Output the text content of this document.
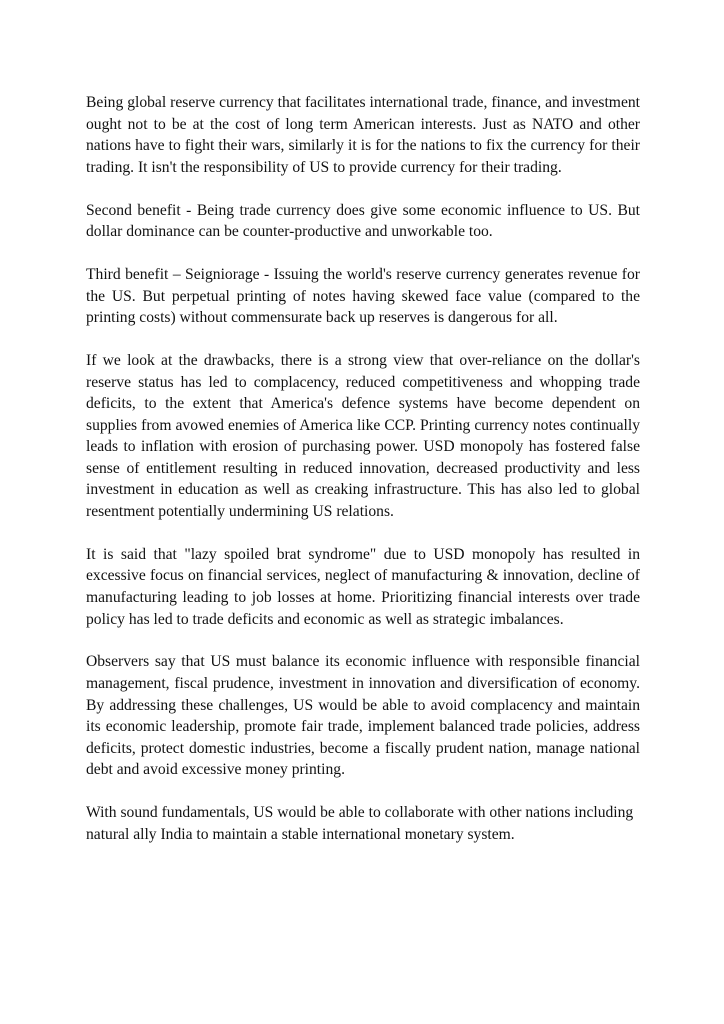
Being global reserve currency that facilitates international trade, finance, and investment ought not to be at the cost of long term American interests. Just as NATO and other nations have to fight their wars, similarly it is for the nations to fix the currency for their trading. It isn't the responsibility of US to provide currency for their trading.

Second benefit - Being trade currency does give some economic influence to US. But dollar dominance can be counter-productive and unworkable too.

Third benefit – Seigniorage - Issuing the world's reserve currency generates revenue for the US. But perpetual printing of notes having skewed face value (compared to the printing costs) without commensurate back up reserves is dangerous for all.

If we look at the drawbacks, there is a strong view that over-reliance on the dollar's reserve status has led to complacency, reduced competitiveness and whopping trade deficits, to the extent that America's defence systems have become dependent on supplies from avowed enemies of America like CCP. Printing currency notes continually leads to inflation with erosion of purchasing power. USD monopoly has fostered false sense of entitlement resulting in reduced innovation, decreased productivity and less investment in education as well as creaking infrastructure. This has also led to global resentment potentially undermining US relations.

It is said that "lazy spoiled brat syndrome" due to USD monopoly has resulted in excessive focus on financial services, neglect of manufacturing & innovation, decline of manufacturing leading to job losses at home. Prioritizing financial interests over trade policy has led to trade deficits and economic as well as strategic imbalances.

Observers say that US must balance its economic influence with responsible financial management, fiscal prudence, investment in innovation and diversification of economy. By addressing these challenges, US would be able to avoid complacency and maintain its economic leadership, promote fair trade, implement balanced trade policies, address deficits, protect domestic industries, become a fiscally prudent nation, manage national debt and avoid excessive money printing.

With sound fundamentals, US would be able to collaborate with other nations including natural ally India to maintain a stable international monetary system.
